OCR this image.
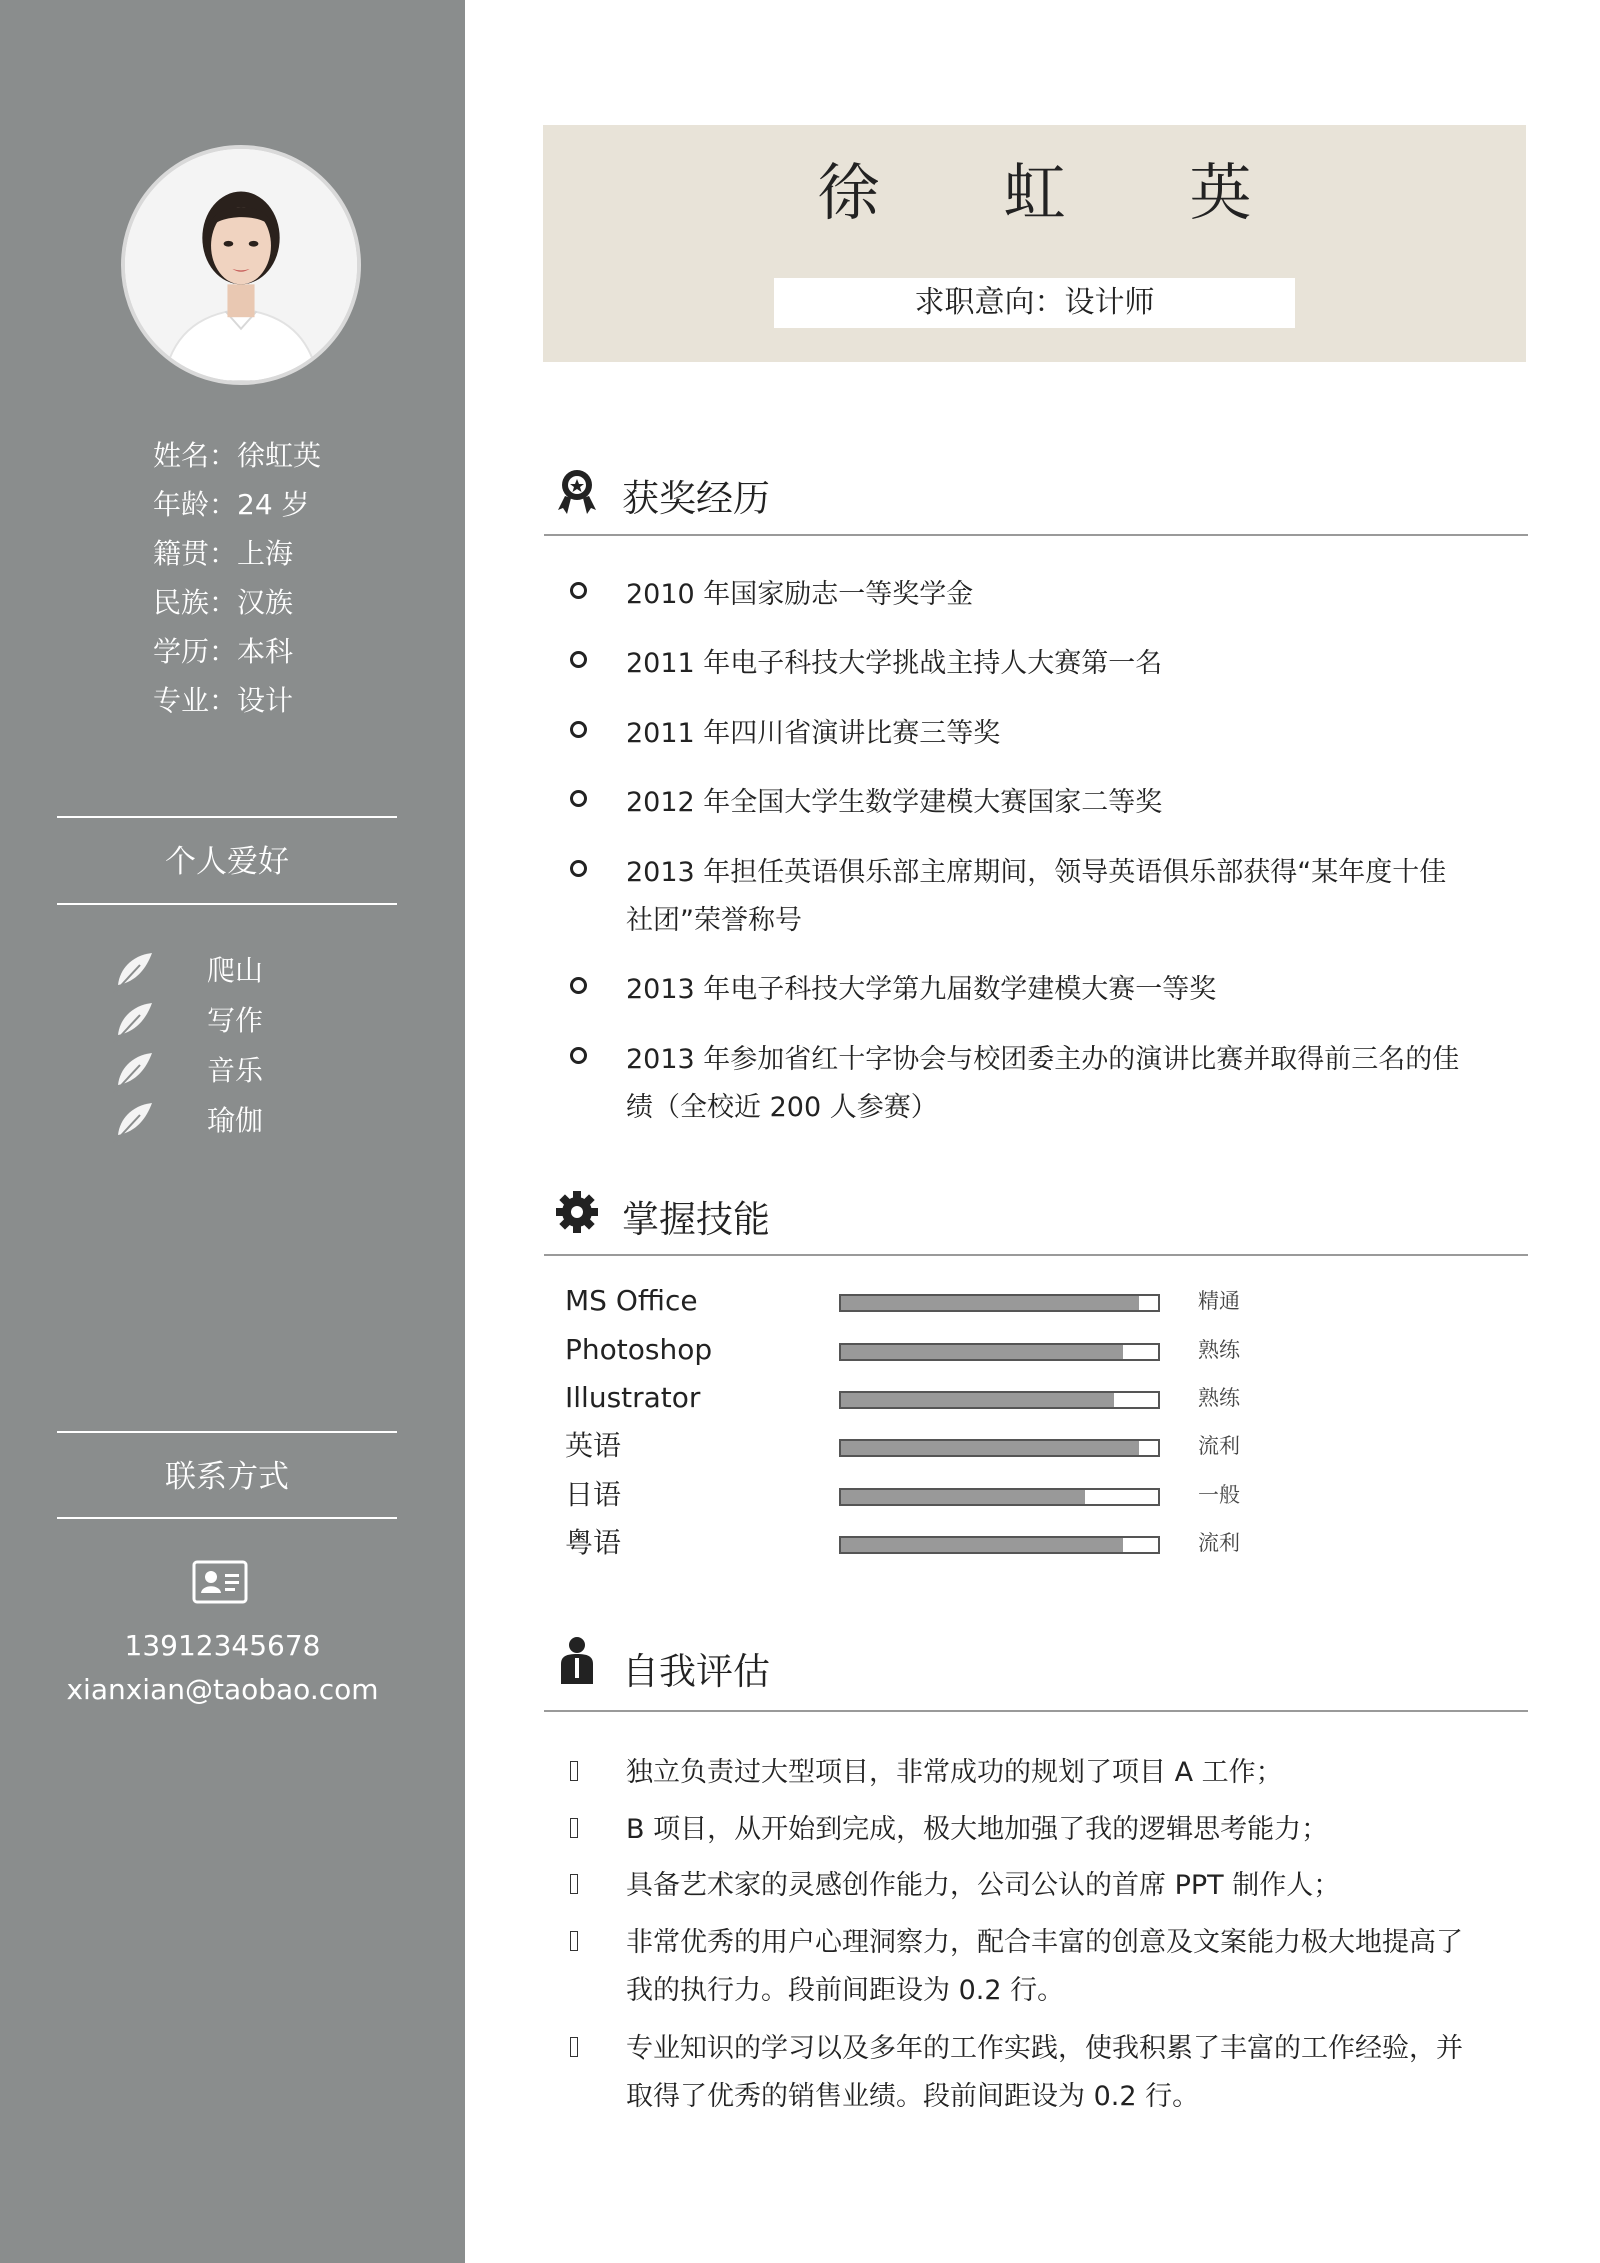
姓名：徐虹英
年龄：24 岁
籍贯：上海
民族：汉族
学历：本科
专业：设计
个人爱好
爬山
写作
音乐
瑜伽
联系方式
13912345678
xianxian@taobao.com
徐　　虹　　英
求职意向：设计师
获奖经历
2010 年国家励志一等奖学金
2011 年电子科技大学挑战主持人大赛第一名
2011 年四川省演讲比赛三等奖
2012 年全国大学生数学建模大赛国家二等奖
2013 年担任英语俱乐部主席期间，领导英语俱乐部获得“某年度十佳社团”荣誉称号
2013 年电子科技大学第九届数学建模大赛一等奖
2013 年参加省红十字协会与校团委主办的演讲比赛并取得前三名的佳绩（全校近 200 人参赛）
掌握技能
MS Office	精通
Photoshop	熟练
Illustrator	熟练
英语	流利
日语	一般
粤语	流利
自我评估
独立负责过大型项目，非常成功的规划了项目 A 工作；
B 项目，从开始到完成，极大地加强了我的逻辑思考能力；
具备艺术家的灵感创作能力，公司公认的首席 PPT 制作人；
非常优秀的用户心理洞察力，配合丰富的创意及文案能力极大地提高了我的执行力。段前间距设为 0.2 行。
专业知识的学习以及多年的工作实践，使我积累了丰富的工作经验，并取得了优秀的销售业绩。段前间距设为 0.2 行。
